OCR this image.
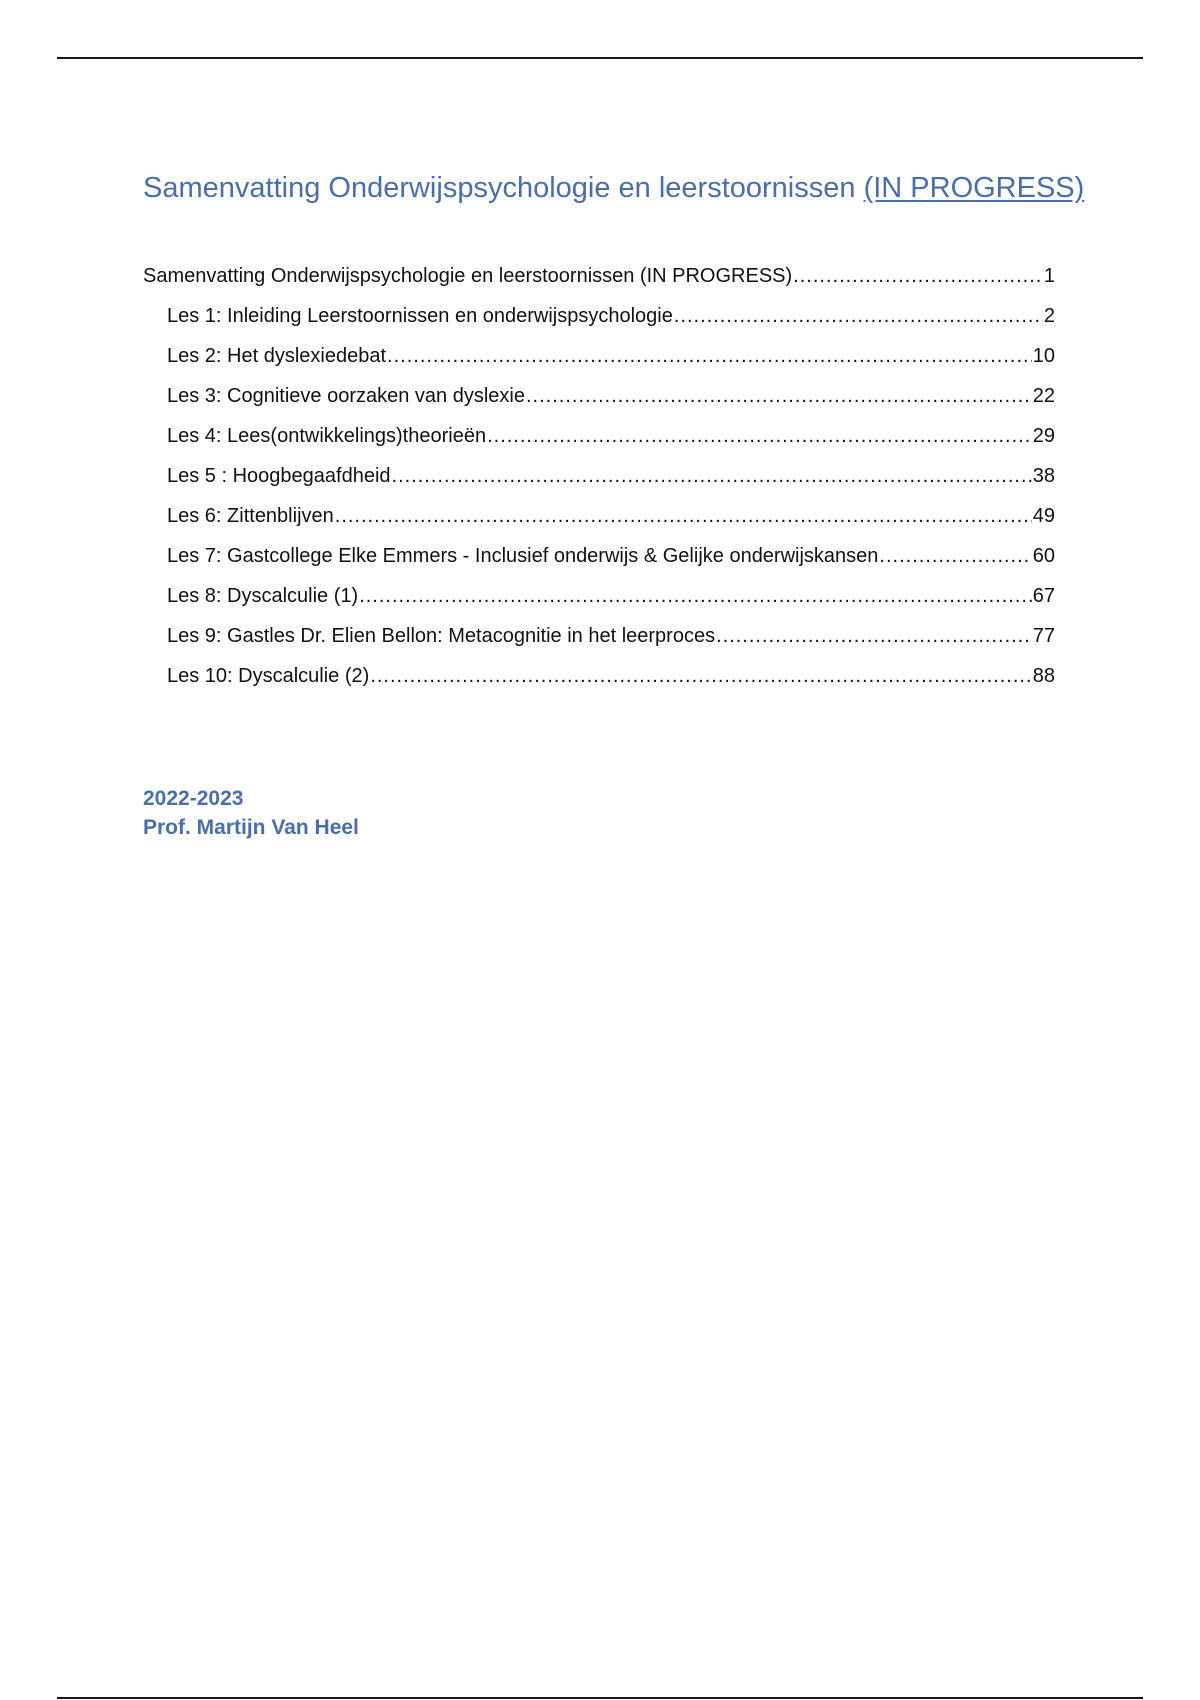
Samenvatting Onderwijspsychologie en leerstoornissen (IN PROGRESS)
Samenvatting Onderwijspsychologie en leerstoornissen (IN PROGRESS) .....	1
Les 1: Inleiding Leerstoornissen en onderwijspsychologie .....	2
Les 2: Het dyslexiedebat .....	10
Les 3: Cognitieve oorzaken van dyslexie .....	22
Les 4: Lees(ontwikkelings)theorieën .....	29
Les 5 : Hoogbegaafdheid .....	38
Les 6: Zittenblijven .....	49
Les 7: Gastcollege Elke Emmers - Inclusief onderwijs & Gelijke onderwijskansen .....	60
Les 8: Dyscalculie (1) .....	67
Les 9: Gastles Dr. Elien Bellon: Metacognitie in het leerproces .....	77
Les 10: Dyscalculie (2) .....	88
2022-2023
Prof. Martijn Van Heel
